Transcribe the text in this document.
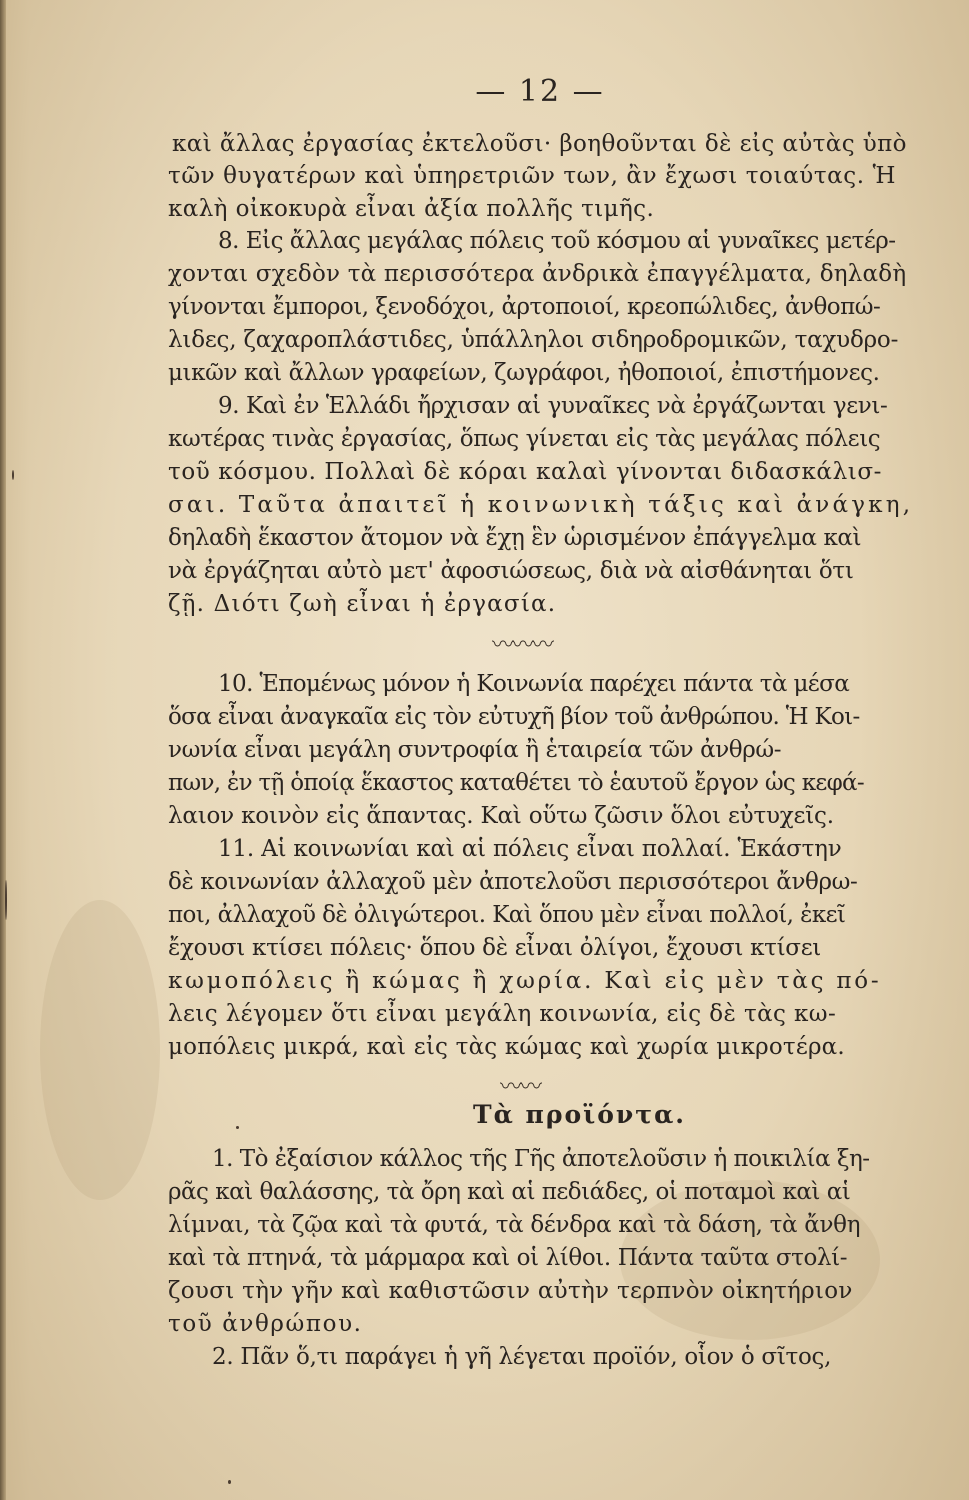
— 12 —
καὶ ἄλλας ἐργασίας ἐκτελοῦσι· βοηθοῦνται δὲ εἰς αὐτὰς ὑπὸ
τῶν θυγατέρων καὶ ὑπηρετριῶν των, ἂν ἔχωσι τοιαύτας. Ἡ
καλὴ οἰκοκυρὰ εἶναι ἀξία πολλῆς τιμῆς.
8. Εἰς ἄλλας μεγάλας πόλεις τοῦ κόσμου αἱ γυναῖκες μετέρ-
χονται σχεδὸν τὰ περισσότερα ἀνδρικὰ ἐπαγγέλματα, δηλαδὴ
γίνονται ἔμποροι, ξενοδόχοι, ἀρτοποιοί, κρεοπώλιδες, ἀνθοπώ-
λιδες, ζαχαροπλάστιδες, ὑπάλληλοι σιδηροδρομικῶν, ταχυδρο-
μικῶν καὶ ἄλλων γραφείων, ζωγράφοι, ἠθοποιοί, ἐπιστήμονες.
9. Καὶ ἐν Ἑλλάδι ἤρχισαν αἱ γυναῖκες νὰ ἐργάζωνται γενι-
κωτέρας τινὰς ἐργασίας, ὅπως γίνεται εἰς τὰς μεγάλας πόλεις
τοῦ κόσμου. Πολλαὶ δὲ κόραι καλαὶ γίνονται διδασκάλισ-
σαι. Ταῦτα ἀπαιτεῖ ἡ κοινωνικὴ τάξις καὶ ἀνάγκη,
δηλαδὴ ἕκαστον ἄτομον νὰ ἔχῃ ἓν ὡρισμένον ἐπάγγελμα καὶ
νὰ ἐργάζηται αὐτὸ μετ' ἀφοσιώσεως, διὰ νὰ αἰσθάνηται ὅτι
ζῇ. Διότι ζωὴ εἶναι ἡ ἐργασία.
〰〰〰
10. Ἑπομένως μόνον ἡ Κοινωνία παρέχει πάντα τὰ μέσα
ὅσα εἶναι ἀναγκαῖα εἰς τὸν εὐτυχῆ βίον τοῦ ἀνθρώπου. Ἡ Κοι-
νωνία εἶναι μεγάλη συντροφία ἢ ἑταιρεία τῶν ἀνθρώ-
πων, ἐν τῇ ὁποίᾳ ἕκαστος καταθέτει τὸ ἑαυτοῦ ἔργον ὡς κεφά-
λαιον κοινὸν εἰς ἅπαντας. Καὶ οὕτω ζῶσιν ὅλοι εὐτυχεῖς.
11. Αἱ κοινωνίαι καὶ αἱ πόλεις εἶναι πολλαί. Ἑκάστην
δὲ κοινωνίαν ἀλλαχοῦ μὲν ἀποτελοῦσι περισσότεροι ἄνθρω-
ποι, ἀλλαχοῦ δὲ ὀλιγώτεροι. Καὶ ὅπου μὲν εἶναι πολλοί, ἐκεῖ
ἔχουσι κτίσει πόλεις· ὅπου δὲ εἶναι ὀλίγοι, ἔχουσι κτίσει
κωμοπόλεις ἢ κώμας ἢ χωρία. Καὶ εἰς μὲν τὰς πό-
λεις λέγομεν ὅτι εἶναι μεγάλη κοινωνία, εἰς δὲ τὰς κω-
μοπόλεις μικρά, καὶ εἰς τὰς κώμας καὶ χωρία μικροτέρα.
〰〰
Τὰ προϊόντα.
1. Τὸ ἐξαίσιον κάλλος τῆς Γῆς ἀποτελοῦσιν ἡ ποικιλία ξη-
ρᾶς καὶ θαλάσσης, τὰ ὄρη καὶ αἱ πεδιάδες, οἱ ποταμοὶ καὶ αἱ
λίμναι, τὰ ζῷα καὶ τὰ φυτά, τὰ δένδρα καὶ τὰ δάση, τὰ ἄνθη
καὶ τὰ πτηνά, τὰ μάρμαρα καὶ οἱ λίθοι. Πάντα ταῦτα στολί-
ζουσι τὴν γῆν καὶ καθιστῶσιν αὐτὴν τερπνὸν οἰκητήριον
τοῦ ἀνθρώπου.
2. Πᾶν ὅ,τι παράγει ἡ γῆ λέγεται προϊόν, οἷον ὁ σῖτος,
